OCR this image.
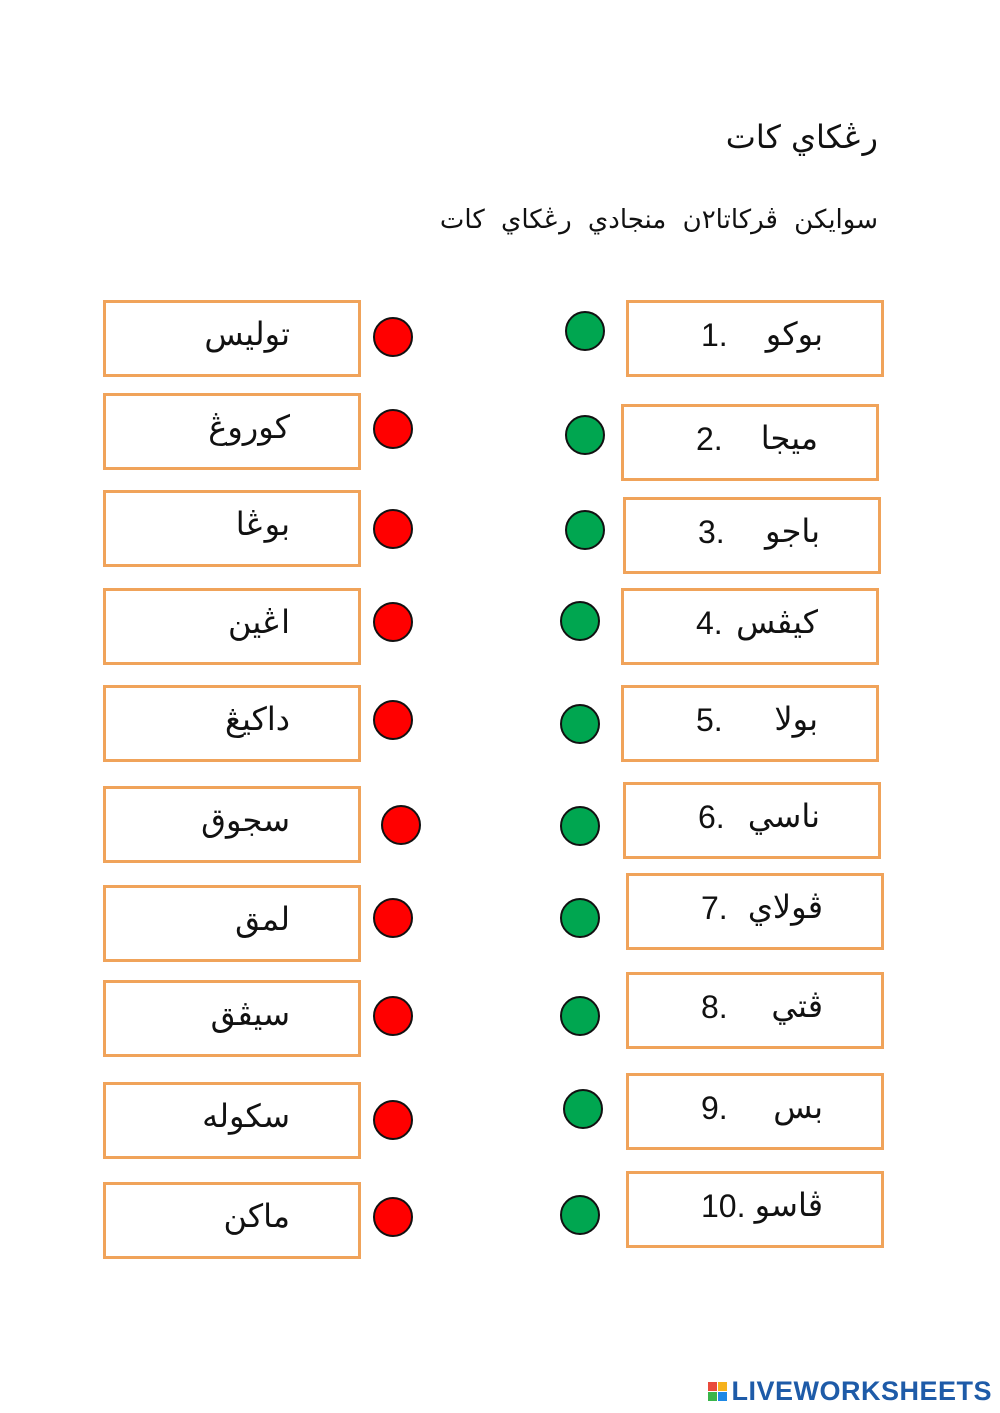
رڠكاي كات
سوايكن ڤركاتا٢ن منجادي رڠكاي كات
توليس
كوروڠ
بوڠا
اڠين
داكيڠ
سجوق
لمق
سيڤق
سكوله
ماكن
بوكو
1.
ميجا
2.
باجو
3.
كيڤس
4.
بولا
5.
ناسي
6.
ڤولاي
7.
ڤتي
8.
بس
9.
ڤاسو
10.
LIVEWORKSHEETS
